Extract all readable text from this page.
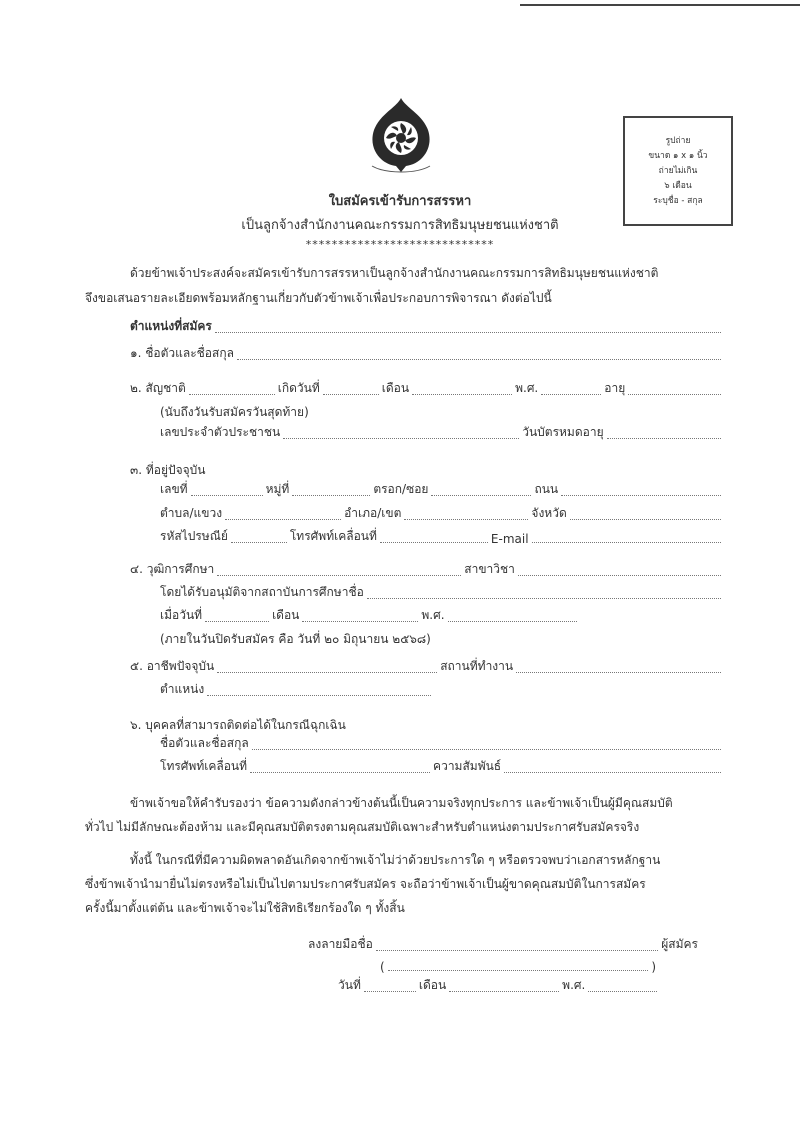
รูปถ่าย
ขนาด ๑ x ๑ นิ้ว
ถ่ายไม่เกิน
๖ เดือน
ระบุชื่อ - สกุล
ใบสมัครเข้ารับการสรรหา
เป็นลูกจ้างสำนักงานคณะกรรมการสิทธิมนุษยชนแห่งชาติ
*****************************
ด้วยข้าพเจ้าประสงค์จะสมัครเข้ารับการสรรหาเป็นลูกจ้างสำนักงานคณะกรรมการสิทธิมนุษยชนแห่งชาติ
จึงขอเสนอรายละเอียดพร้อมหลักฐานเกี่ยวกับตัวข้าพเจ้าเพื่อประกอบการพิจารณา ดังต่อไปนี้
ตำแหน่งที่สมัคร
๑. ชื่อตัวและชื่อสกุล
๒. สัญชาติ	เกิดวันที่	เดือน	พ.ศ.	อายุ
(นับถึงวันรับสมัครวันสุดท้าย)
เลขประจำตัวประชาชน	วันบัตรหมดอายุ
๓. ที่อยู่ปัจจุบัน
เลขที่	หมู่ที่	ตรอก/ซอย	ถนน
ตำบล/แขวง	อำเภอ/เขต	จังหวัด
รหัสไปรษณีย์	โทรศัพท์เคลื่อนที่	E-mail
๔. วุฒิการศึกษา	สาขาวิชา
โดยได้รับอนุมัติจากสถาบันการศึกษาชื่อ
เมื่อวันที่	เดือน	พ.ศ.
(ภายในวันปิดรับสมัคร คือ วันที่ ๒๐ มิถุนายน ๒๕๖๘)
๕. อาชีพปัจจุบัน	สถานที่ทำงาน
ตำแหน่ง
๖. บุคคลที่สามารถติดต่อได้ในกรณีฉุกเฉิน
ชื่อตัวและชื่อสกุล
โทรศัพท์เคลื่อนที่	ความสัมพันธ์
ข้าพเจ้าขอให้คำรับรองว่า ข้อความดังกล่าวข้างต้นนี้เป็นความจริงทุกประการ และข้าพเจ้าเป็นผู้มีคุณสมบัติ
ทั่วไป ไม่มีลักษณะต้องห้าม และมีคุณสมบัติตรงตามคุณสมบัติเฉพาะสำหรับตำแหน่งตามประกาศรับสมัครจริง
ทั้งนี้ ในกรณีที่มีความผิดพลาดอันเกิดจากข้าพเจ้าไม่ว่าด้วยประการใด ๆ หรือตรวจพบว่าเอกสารหลักฐาน
ซึ่งข้าพเจ้านำมายื่นไม่ตรงหรือไม่เป็นไปตามประกาศรับสมัคร จะถือว่าข้าพเจ้าเป็นผู้ขาดคุณสมบัติในการสมัคร
ครั้งนี้มาตั้งแต่ต้น และข้าพเจ้าจะไม่ใช้สิทธิเรียกร้องใด ๆ ทั้งสิ้น
ลงลายมือชื่อ	ผู้สมัคร
(	)
วันที่	เดือน	พ.ศ.
